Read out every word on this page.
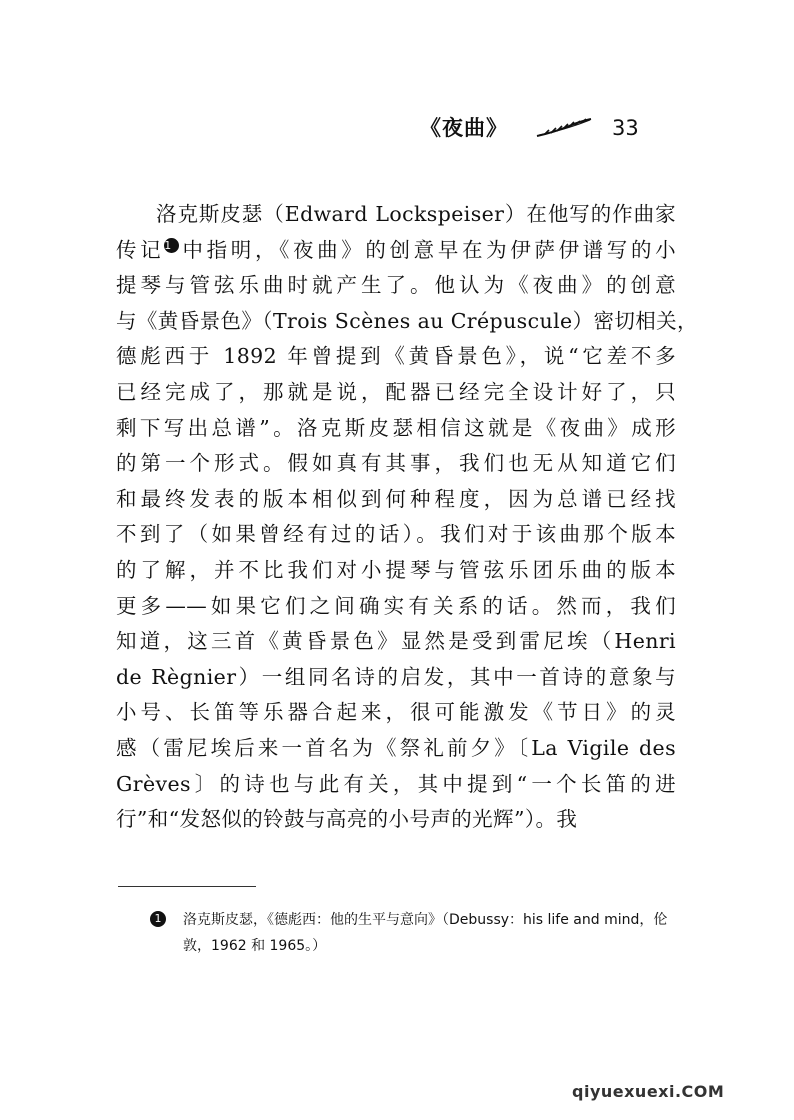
《夜曲》	33
洛克斯皮瑟（Edward Lockspeiser）在他写的作曲家
传记1 中指明，《夜曲》的创意早在为伊萨伊谱写的小
提琴与管弦乐曲时就产生了。他认为《夜曲》的创意
与《黄昏景色》（Trois Scènes au Crépuscule）密切相关，
德彪西于 1892 年曾提到《黄昏景色》，说“它差不多
已经完成了，那就是说，配器已经完全设计好了，只
剩下写出总谱”。洛克斯皮瑟相信这就是《夜曲》成形
的第一个形式。假如真有其事，我们也无从知道它们
和最终发表的版本相似到何种程度，因为总谱已经找
不到了（如果曾经有过的话）。我们对于该曲那个版本
的了解，并不比我们对小提琴与管弦乐团乐曲的版本
更多——如果它们之间确实有关系的话。然而，我们
知道，这三首《黄昏景色》显然是受到雷尼埃（Henri
de Règnier）一组同名诗的启发，其中一首诗的意象与
小号、长笛等乐器合起来，很可能激发《节日》的灵
感（雷尼埃后来一首名为《祭礼前夕》〔La Vigile des
Grèves〕的诗也与此有关，其中提到“一个长笛的进
行”和“发怒似的铃鼓与高亮的小号声的光辉”）。我
1	洛克斯皮瑟，《德彪西：他的生平与意向》（Debussy：his life and mind，伦敦，1962 和 1965。）
qiyuexuexi.COM
